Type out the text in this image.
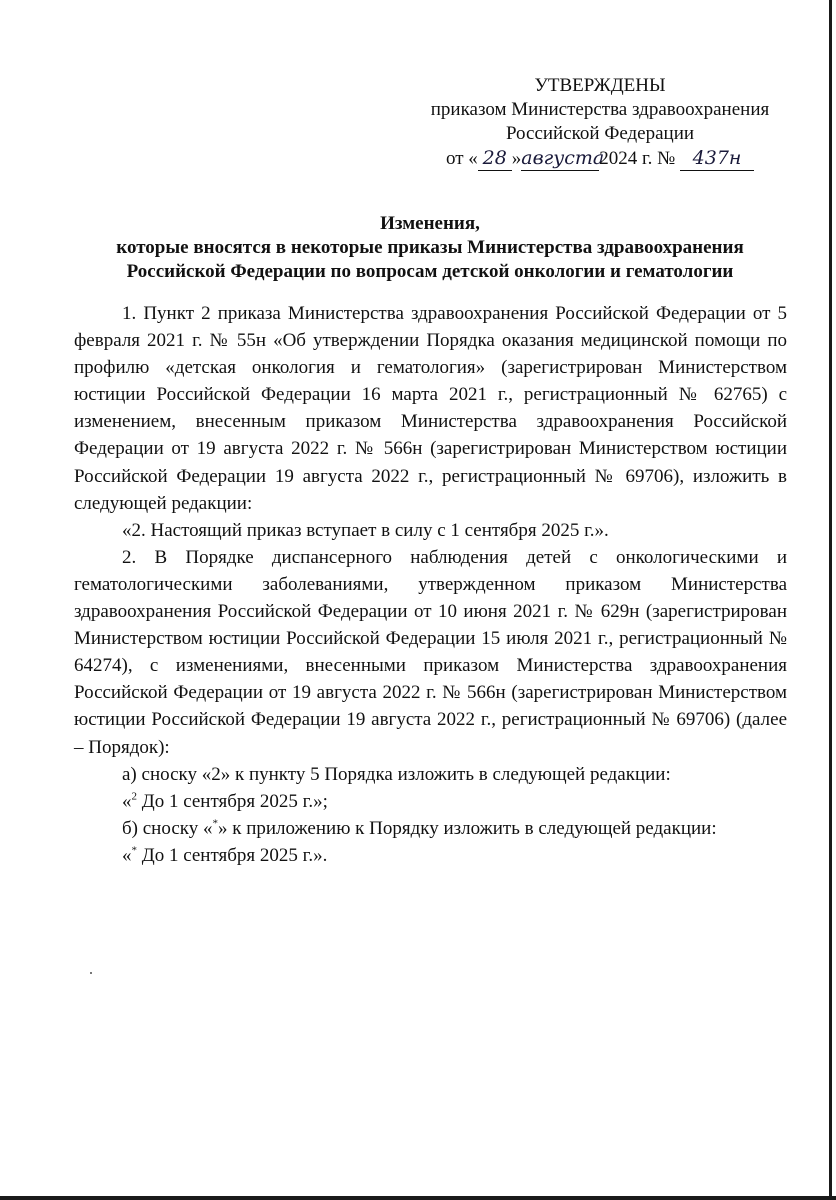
УТВЕРЖДЕНЫ
приказом Министерства здравоохранения
Российской Федерации
от « 28 »августа2024 г. № 437н
Изменения,
которые вносятся в некоторые приказы Министерства здравоохранения
Российской Федерации по вопросам детской онкологии и гематологии

1. Пункт 2 приказа Министерства здравоохранения Российской Федерации от 5 февраля 2021 г. № 55н «Об утверждении Порядка оказания медицинской помощи по профилю «детская онкология и гематология» (зарегистрирован Министерством юстиции Российской Федерации 16 марта 2021 г., регистрационный № 62765) с изменением, внесенным приказом Министерства здравоохранения Российской Федерации от 19 августа 2022 г. № 566н (зарегистрирован Министерством юстиции Российской Федерации 19 августа 2022 г., регистрационный № 69706), изложить в следующей редакции:

«2. Настоящий приказ вступает в силу с 1 сентября 2025 г.».

2. В Порядке диспансерного наблюдения детей с онкологическими и гематологическими заболеваниями, утвержденном приказом Министерства здравоохранения Российской Федерации от 10 июня 2021 г. № 629н (зарегистрирован Министерством юстиции Российской Федерации 15 июля 2021 г., регистрационный № 64274), с изменениями, внесенными приказом Министерства здравоохранения Российской Федерации от 19 августа 2022 г. № 566н (зарегистрирован Министерством юстиции Российской Федерации 19 августа 2022 г., регистрационный № 69706) (далее – Порядок):

а) сноску «2» к пункту 5 Порядка изложить в следующей редакции:

«$^2$ До 1 сентября 2025 г.»;

б) сноску «*» к приложению к Порядку изложить в следующей редакции:

«* До 1 сентября 2025 г.».
